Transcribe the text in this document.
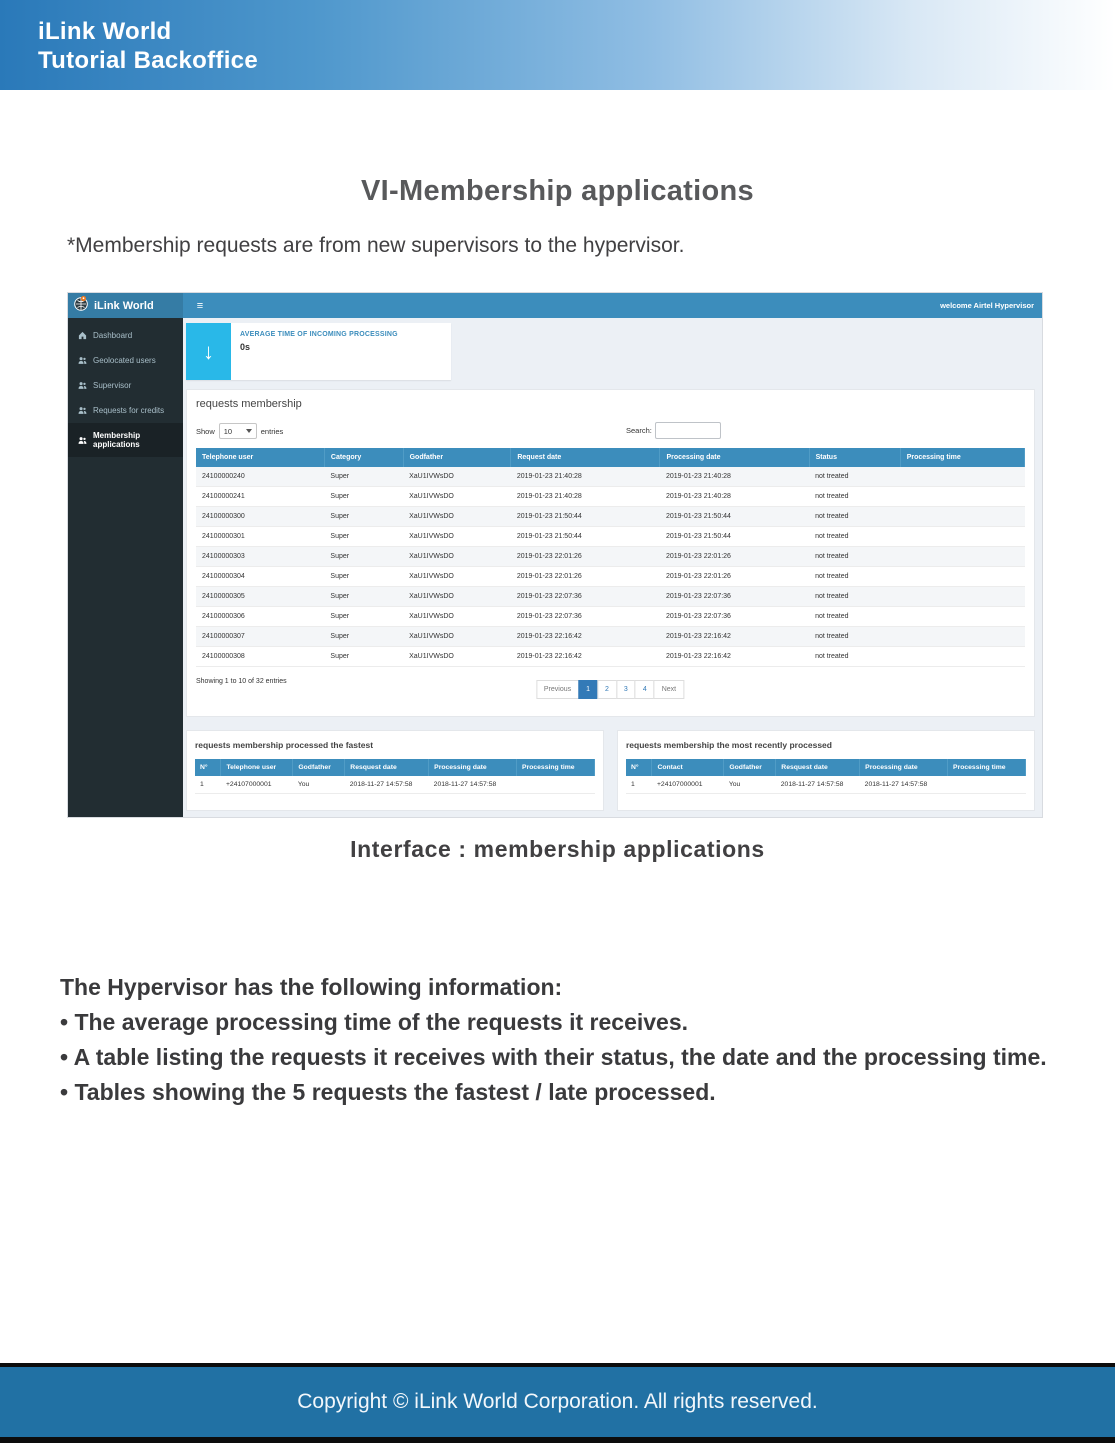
iLink World
Tutorial Backoffice
VI-Membership applications
*Membership requests are from new supervisors to the hypervisor.
iLink World	≡	welcome Airtel Hypervisor
Dashboard
Geolocated users
Supervisor
Requests for credits
Membership applications
↓
AVERAGE TIME OF INCOMING PROCESSING
0s
requests membership
Show 10	entries	Search:
Telephone user	Category	Godfather	Request date	Processing date	Status	Processing time
24100000240	Super	XaU1IVWsDO	2019-01-23 21:40:28	2019-01-23 21:40:28	not treated	
24100000241	Super	XaU1IVWsDO	2019-01-23 21:40:28	2019-01-23 21:40:28	not treated	
24100000300	Super	XaU1IVWsDO	2019-01-23 21:50:44	2019-01-23 21:50:44	not treated	
24100000301	Super	XaU1IVWsDO	2019-01-23 21:50:44	2019-01-23 21:50:44	not treated	
24100000303	Super	XaU1IVWsDO	2019-01-23 22:01:26	2019-01-23 22:01:26	not treated	
24100000304	Super	XaU1IVWsDO	2019-01-23 22:01:26	2019-01-23 22:01:26	not treated	
24100000305	Super	XaU1IVWsDO	2019-01-23 22:07:36	2019-01-23 22:07:36	not treated	
24100000306	Super	XaU1IVWsDO	2019-01-23 22:07:36	2019-01-23 22:07:36	not treated	
24100000307	Super	XaU1IVWsDO	2019-01-23 22:16:42	2019-01-23 22:16:42	not treated	
24100000308	Super	XaU1IVWsDO	2019-01-23 22:16:42	2019-01-23 22:16:42	not treated	
Showing 1 to 10 of 32 entries
Previous	1	2	3	4	Next
requests membership processed the fastest
N°	Telephone user	Godfather	Resquest date	Processing date	Processing time
1	+24107000001	You	2018-11-27 14:57:58	2018-11-27 14:57:58	
requests membership the most recently processed
N°	Contact	Godfather	Resquest date	Processing date	Processing time
1	+24107000001	You	2018-11-27 14:57:58	2018-11-27 14:57:58	
Interface : membership applications
The Hypervisor has the following information:
• The average processing time of the requests it receives.
• A table listing the requests it receives with their status, the date and the processing time.
• Tables showing the 5 requests the fastest / late processed.
Copyright © iLink World Corporation. All rights reserved.
